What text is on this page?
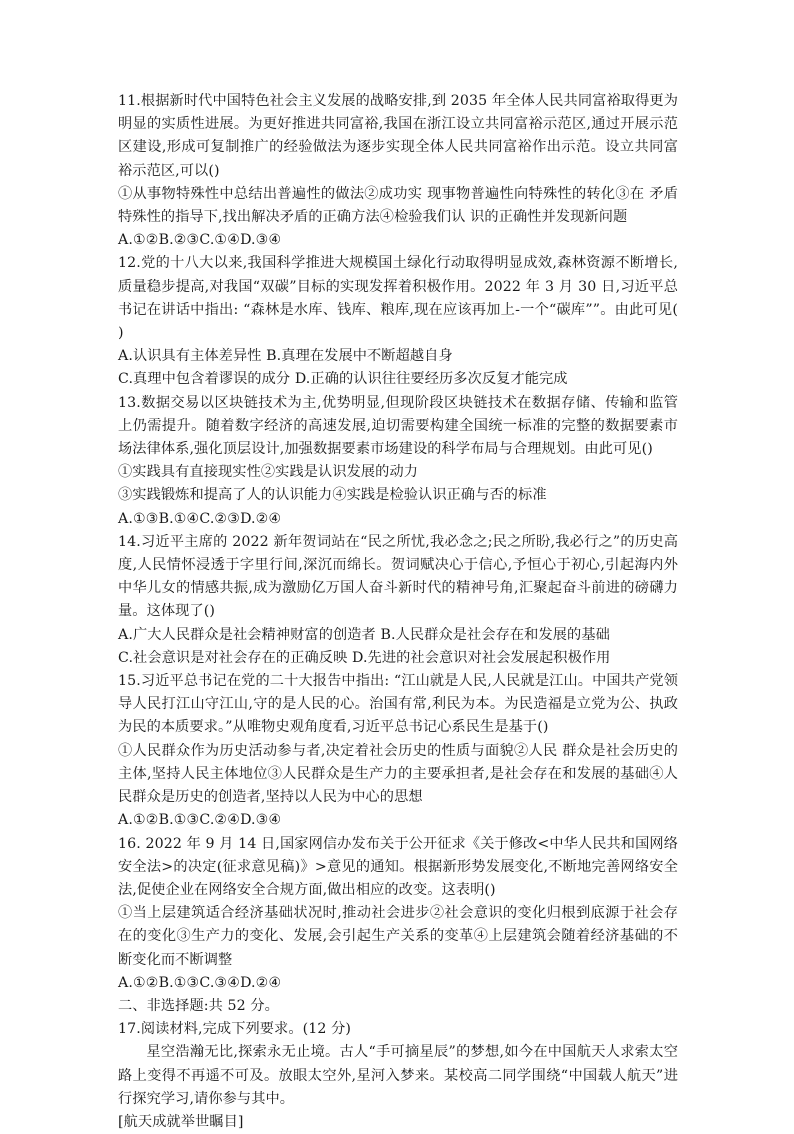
11.根据新时代中国特色社会主义发展的战略安排,到 2035 年全体人民共同富裕取得更为明显的实质性进展。为更好推进共同富裕,我国在浙江设立共同富裕示范区,通过开展示范区建设,形成可复制推广的经验做法为逐步实现全体人民共同富裕作出示范。设立共同富裕示范区,可以()

①从事物特殊性中总结出普遍性的做法②成功实 现事物普遍性向特殊性的转化③在 矛盾特殊性的指导下,找出解决矛盾的正确方法④检验我们认 识的正确性并发现新问题

A.①②B.②③C.①④D.③④

12.党的十八大以来,我国科学推进大规模国土绿化行动取得明显成效,森林资源不断增长,质量稳步提高,对我国“双碳”目标的实现发挥着积极作用。2022 年 3 月 30 日,习近平总书记在讲话中指出: “森林是水库、钱库、粮库,现在应该再加上-一个“碳库””。由此可见( )

A.认识具有主体差异性 B.真理在发展中不断超越自身

C.真理中包含着谬误的成分 D.正确的认识往往要经历多次反复才能完成

13.数据交易以区块链技术为主,优势明显,但现阶段区块链技术在数据存储、传输和监管上仍需提升。随着数字经济的高速发展,迫切需要构建全国统一标准的完整的数据要素市场法律体系,强化顶层设计,加强数据要素市场建设的科学布局与合理规划。由此可见()

①实践具有直接现实性②实践是认识发展的动力

③实践锻炼和提高了人的认识能力④实践是检验认识正确与否的标准

A.①③B.①④C.②③D.②④

14.习近平主席的 2022 新年贺词站在“民之所忧,我必念之;民之所盼,我必行之”的历史高度,人民情怀浸透于字里行间,深沉而绵长。贺词赋决心于信心,予恒心于初心,引起海内外中华儿女的情感共振,成为激励亿万国人奋斗新时代的精神号角,汇聚起奋斗前进的磅礴力量。这体现了()

A.广大人民群众是社会精神财富的创造者 B.人民群众是社会存在和发展的基础

C.社会意识是对社会存在的正确反映 D.先进的社会意识对社会发展起积极作用

15.习近平总书记在党的二十大报告中指出: “江山就是人民,人民就是江山。中国共产党领导人民打江山守江山,守的是人民的心。治国有常,利民为本。为民造福是立党为公、执政为民的本质要求。”从唯物史观角度看,习近平总书记心系民生是基于()

①人民群众作为历史活动参与者,决定着社会历史的性质与面貌②人民 群众是社会历史的主体,坚持人民主体地位③人民群众是生产力的主要承担者,是社会存在和发展的基础④人民群众是历史的创造者,坚持以人民为中心的思想

A.①②B.①③C.②④D.③④

16. 2022 年 9 月 14 日,国家网信办发布关于公开征求《关于修改<中华人民共和国网络安全法>的决定(征求意见稿)》>意见的通知。根据新形势发展变化,不断地完善网络安全法,促使企业在网络安全合规方面,做出相应的改变。这表明()

①当上层建筑适合经济基础状况时,推动社会进步②社会意识的变化归根到底源于社会存在的变化③生产力的变化、发展,会引起生产关系的变革④上层建筑会随着经济基础的不断变化而不断调整

A.①②B.①③C.③④D.②④

二、非选择题:共 52 分。

17.阅读材料,完成下列要求。(12 分)

星空浩瀚无比,探索永无止境。古人“手可摘星辰”的梦想,如今在中国航天人求索太空路上变得不再遥不可及。放眼太空外,星河入梦来。某校高二同学围绕“中国载人航天”进行探究学习,请你参与其中。

[航天成就举世瞩目]
